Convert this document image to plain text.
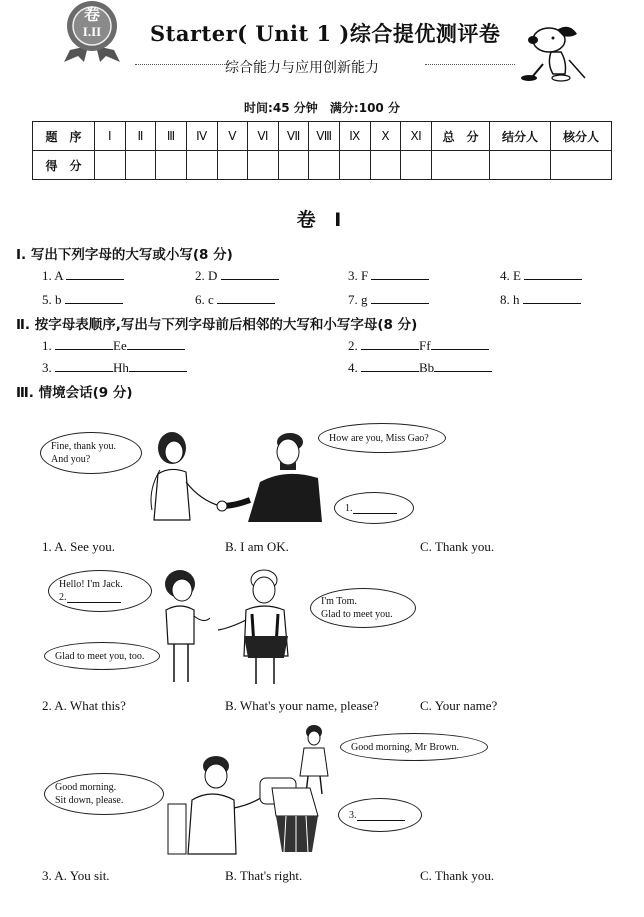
卷
I.II	Starter( Unit 1 )综合提优测评卷
综合能力与应用创新能力
时间:45 分钟 满分:100 分
题　序	Ⅰ	Ⅱ	Ⅲ	Ⅳ	Ⅴ	Ⅵ	Ⅶ	Ⅷ	Ⅸ	Ⅹ	Ⅺ	总　分	结分人	核分人
得　分														
卷 Ⅰ
Ⅰ. 写出下列字母的大写或小写(8 分)
1. A	2. D	3. F	4. E
5. b	6. c	7. g	8. h
Ⅱ. 按字母表顺序,写出与下列字母前后相邻的大写和小写字母(8 分)
1.	Ee	2.	Ff
3.	Hh	4.	Bb
Ⅲ. 情境会话(9 分)
Fine, thank you.
And you?
How are you, Miss Gao?
1.
1. A. See you.	B. I am OK.	C. Thank you.
Hello! I'm Jack.
2.
Glad to meet you, too.
I'm Tom.
Glad to meet you.
2. A. What this?	B. What's your name, please?	C. Your name?
Good morning, Mr Brown.
Good morning.
Sit down, please.
3.
3. A. You sit.	B. That's right.	C. Thank you.
